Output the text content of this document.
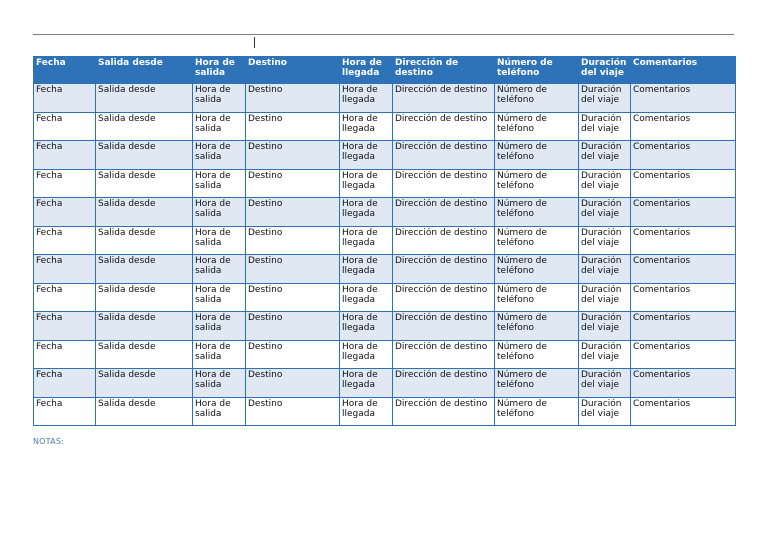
Fecha	Salida desde	Hora de salida	Destino	Hora de llegada	Dirección de destino	Número de teléfono	Duración del viaje	Comentarios
Fecha	Salida desde	Hora de salida	Destino	Hora de llegada	Dirección de destino	Número de teléfono	Duración del viaje	Comentarios
Fecha	Salida desde	Hora de salida	Destino	Hora de llegada	Dirección de destino	Número de teléfono	Duración del viaje	Comentarios
Fecha	Salida desde	Hora de salida	Destino	Hora de llegada	Dirección de destino	Número de teléfono	Duración del viaje	Comentarios
Fecha	Salida desde	Hora de salida	Destino	Hora de llegada	Dirección de destino	Número de teléfono	Duración del viaje	Comentarios
Fecha	Salida desde	Hora de salida	Destino	Hora de llegada	Dirección de destino	Número de teléfono	Duración del viaje	Comentarios
Fecha	Salida desde	Hora de salida	Destino	Hora de llegada	Dirección de destino	Número de teléfono	Duración del viaje	Comentarios
Fecha	Salida desde	Hora de salida	Destino	Hora de llegada	Dirección de destino	Número de teléfono	Duración del viaje	Comentarios
Fecha	Salida desde	Hora de salida	Destino	Hora de llegada	Dirección de destino	Número de teléfono	Duración del viaje	Comentarios
Fecha	Salida desde	Hora de salida	Destino	Hora de llegada	Dirección de destino	Número de teléfono	Duración del viaje	Comentarios
Fecha	Salida desde	Hora de salida	Destino	Hora de llegada	Dirección de destino	Número de teléfono	Duración del viaje	Comentarios
Fecha	Salida desde	Hora de salida	Destino	Hora de llegada	Dirección de destino	Número de teléfono	Duración del viaje	Comentarios
Fecha	Salida desde	Hora de salida	Destino	Hora de llegada	Dirección de destino	Número de teléfono	Duración del viaje	Comentarios
NOTAS:
